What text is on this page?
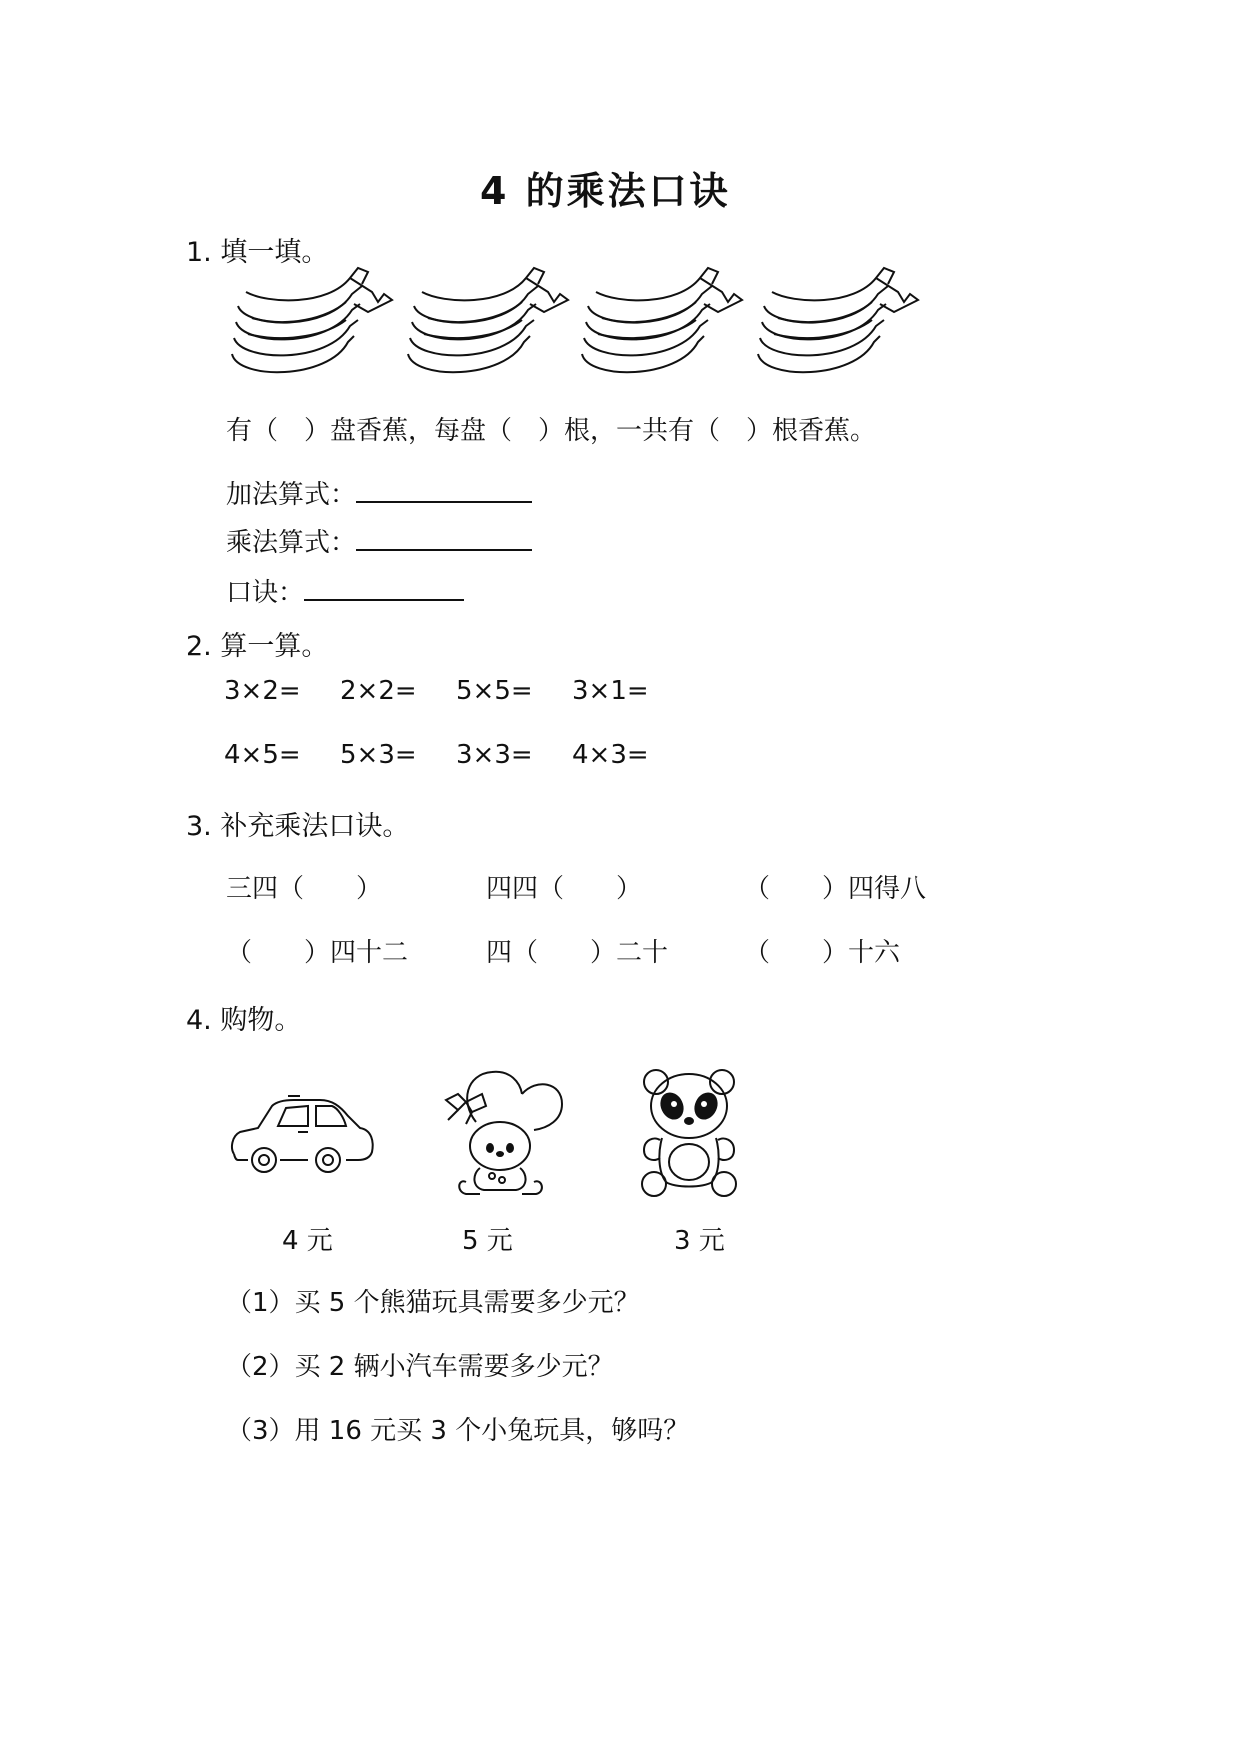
4 的乘法口诀
1. 填一填。
有（　）盘香蕉，每盘（　）根，一共有（　）根香蕉。
加法算式：
乘法算式：
口诀：
2. 算一算。
3×2= 2×2= 5×5= 3×1=
4×5= 5×3= 3×3= 4×3=
3. 补充乘法口诀。
三四（　　）	四四（　　）	（　　）四得八
（　　）四十二	四（　　）二十	（　　）十六
4. 购物。
4 元	5 元	3 元
（1）买 5 个熊猫玩具需要多少元？
（2）买 2 辆小汽车需要多少元？
（3）用 16 元买 3 个小兔玩具，够吗？
